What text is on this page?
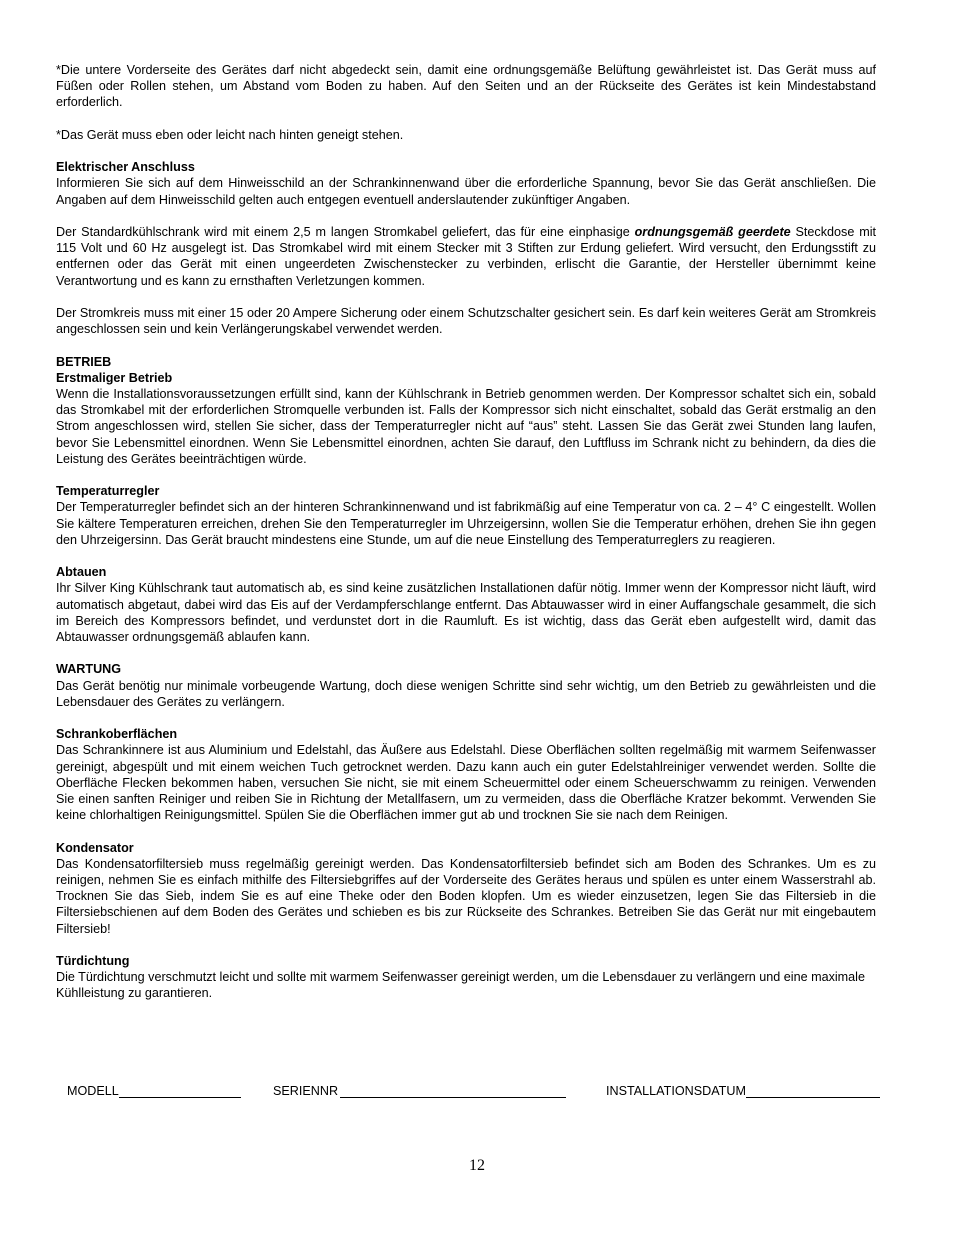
*Die untere Vorderseite des Gerätes darf nicht abgedeckt sein, damit eine ordnungsgemäße Belüftung gewährleistet ist. Das Gerät muss auf Füßen oder Rollen stehen, um Abstand vom Boden zu haben. Auf den Seiten und an der Rückseite des Gerätes ist kein Mindestabstand erforderlich.

*Das Gerät muss eben oder leicht nach hinten geneigt stehen.

Elektrischer Anschluss
Informieren Sie sich auf dem Hinweisschild an der Schrankinnenwand über die erforderliche Spannung, bevor Sie das Gerät anschließen. Die Angaben auf dem Hinweisschild gelten auch entgegen eventuell anderslautender zukünftiger Angaben.

Der Standardkühlschrank wird mit einem 2,5 m langen Stromkabel geliefert, das für eine einphasige ordnungsgemäß geerdete Steckdose mit 115 Volt und 60 Hz ausgelegt ist. Das Stromkabel wird mit einem Stecker mit 3 Stiften zur Erdung geliefert. Wird versucht, den Erdungsstift zu entfernen oder das Gerät mit einen ungeerdeten Zwischenstecker zu verbinden, erlischt die Garantie, der Hersteller übernimmt keine Verantwortung und es kann zu ernsthaften Verletzungen kommen.

Der Stromkreis muss mit einer 15 oder 20 Ampere Sicherung oder einem Schutzschalter gesichert sein. Es darf kein weiteres Gerät am Stromkreis angeschlossen sein und kein Verlängerungskabel verwendet werden.

BETRIEB
Erstmaliger Betrieb
Wenn die Installationsvoraussetzungen erfüllt sind, kann der Kühlschrank in Betrieb genommen werden. Der Kompressor schaltet sich ein, sobald das Stromkabel mit der erforderlichen Stromquelle verbunden ist. Falls der Kompressor sich nicht einschaltet, sobald das Gerät erstmalig an den Strom angeschlossen wird, stellen Sie sicher, dass der Temperaturregler nicht auf “aus” steht. Lassen Sie das Gerät zwei Stunden lang laufen, bevor Sie Lebensmittel einordnen. Wenn Sie Lebensmittel einordnen, achten Sie darauf, den Luftfluss im Schrank nicht zu behindern, da dies die Leistung des Gerätes beeinträchtigen würde.

Temperaturregler
Der Temperaturregler befindet sich an der hinteren Schrankinnenwand und ist fabrikmäßig auf eine Temperatur von ca. 2 – 4° C eingestellt. Wollen Sie kältere Temperaturen erreichen, drehen Sie den Temperaturregler im Uhrzeigersinn, wollen Sie die Temperatur erhöhen, drehen Sie ihn gegen den Uhrzeigersinn. Das Gerät braucht mindestens eine Stunde, um auf die neue Einstellung des Temperaturreglers zu reagieren.

Abtauen
Ihr Silver King Kühlschrank taut automatisch ab, es sind keine zusätzlichen Installationen dafür nötig. Immer wenn der Kompressor nicht läuft, wird automatisch abgetaut, dabei wird das Eis auf der Verdampferschlange entfernt. Das Abtauwasser wird in einer Auffangschale gesammelt, die sich im Bereich des Kompressors befindet, und verdunstet dort in die Raumluft. Es ist wichtig, dass das Gerät eben aufgestellt wird, damit das Abtauwasser ordnungsgemäß ablaufen kann.

WARTUNG
Das Gerät benötig nur minimale vorbeugende Wartung, doch diese wenigen Schritte sind sehr wichtig, um den Betrieb zu gewährleisten und die Lebensdauer des Gerätes zu verlängern.

Schrankoberflächen
Das Schrankinnere ist aus Aluminium und Edelstahl, das Äußere aus Edelstahl. Diese Oberflächen sollten regelmäßig mit warmem Seifenwasser gereinigt, abgespült und mit einem weichen Tuch getrocknet werden. Dazu kann auch ein guter Edelstahlreiniger verwendet werden. Sollte die Oberfläche Flecken bekommen haben, versuchen Sie nicht, sie mit einem Scheuermittel oder einem Scheuerschwamm zu reinigen. Verwenden Sie einen sanften Reiniger und reiben Sie in Richtung der Metallfasern, um zu vermeiden, dass die Oberfläche Kratzer bekommt. Verwenden Sie keine chlorhaltigen Reinigungsmittel. Spülen Sie die Oberflächen immer gut ab und trocknen Sie sie nach dem Reinigen.

Kondensator
Das Kondensatorfiltersieb muss regelmäßig gereinigt werden. Das Kondensatorfiltersieb befindet sich am Boden des Schrankes. Um es zu reinigen, nehmen Sie es einfach mithilfe des Filtersiebgriffes auf der Vorderseite des Gerätes heraus und spülen es unter einem Wasserstrahl ab. Trocknen Sie das Sieb, indem Sie es auf eine Theke oder den Boden klopfen. Um es wieder einzusetzen, legen Sie das Filtersieb in die Filtersiebschienen auf dem Boden des Gerätes und schieben es bis zur Rückseite des Schrankes. Betreiben Sie das Gerät nur mit eingebautem Filtersieb!

Türdichtung
Die Türdichtung verschmutzt leicht und sollte mit warmem Seifenwasser gereinigt werden, um die Lebensdauer zu verlängern und eine maximale Kühlleistung zu garantieren.

MODELL	SERIENNR	INSTALLATIONSDATUM
12
